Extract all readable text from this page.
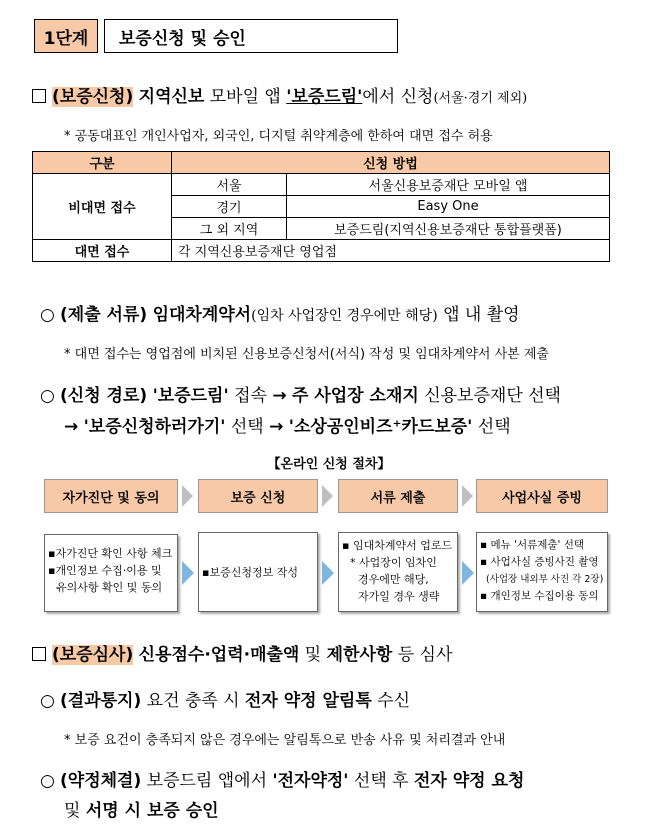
1단계	보증신청 및 승인
(보증신청) 지역신보 모바일 앱 '보증드림'에서 신청(서울·경기 제외)
* 공동대표인 개인사업자, 외국인, 디지털 취약계층에 한하여 대면 접수 허용
구분	신청 방법	
비대면 접수	서울	서울신용보증재단 모바일 앱
	경기	Easy One
	그 외 지역	보증드림(지역신용보증재단 통합플랫폼)
대면 접수	각 지역신용보증재단 영업점	
○ (제출 서류) 임대차계약서(임차 사업장인 경우에만 해당) 앱 내 촬영
* 대면 접수는 영업점에 비치된 신용보증신청서(서식) 작성 및 임대차계약서 사본 제출
○ (신청 경로) '보증드림' 접속 → 주 사업장 소재지 신용보증재단 선택
→ '보증신청하러가기' 선택 → '소상공인비즈⁺카드보증' 선택
【온라인 신청 절차】
자가진단 및 동의	보증 신청	서류 제출	사업사실 증빙
▪자가진단 확인 사항 체크
▪개인정보 수집·이용 및
유의사항 확인 및 동의
▪보증신청정보 작성
▪ 임대차계약서 업로드
* 사업장이 임차인
경우에만 해당,
자가일 경우 생략
▪ 메뉴 '서류제출' 선택
▪ 사업사실 증빙사진 촬영
(사업장 내외부 사진 각 2장)
▪ 개인정보 수집이용 동의
(보증심사) 신용점수·업력·매출액 및 제한사항 등 심사
○ (결과통지) 요건 충족 시 전자 약정 알림톡 수신
* 보증 요건이 충족되지 않은 경우에는 알림톡으로 반송 사유 및 처리결과 안내
○ (약정체결) 보증드림 앱에서 '전자약정' 선택 후 전자 약정 요청
및 서명 시 보증 승인
